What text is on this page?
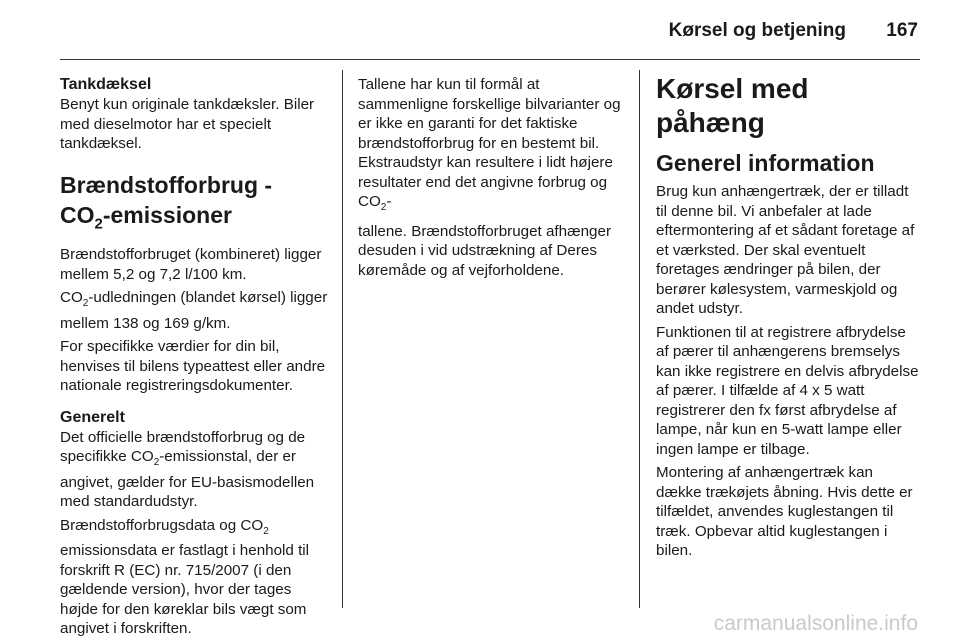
Kørsel og betjening 167
Tankdæksel

Benyt kun originale tankdæksler. Biler med dieselmotor har et specielt tankdæksel.

Brændstofforbrug -
$CO_2$-emissioner

Brændstofforbruget (kombineret) ligger mellem 5,2 og 7,2 l/100 km.

$CO_2$-udledningen (blandet kørsel) ligger mellem 138 og 169 g/km.

For specifikke værdier for din bil, henvises til bilens typeattest eller andre nationale registreringsdokumenter.

Generelt

Det officielle brændstofforbrug og de specifikke $CO_2$-emissionstal, der er angivet, gælder for EU-basismodellen med standardudstyr.

Brændstofforbrugsdata og $CO_2$ emissionsdata er fastlagt i henhold til forskrift R (EC) nr. 715/2007 (i den gældende version), hvor der tages højde for den køreklar bils vægt som angivet i forskriften.

Tallene har kun til formål at sammenligne forskellige bilvarianter og er ikke en garanti for det faktiske brændstofforbrug for en bestemt bil. Ekstraudstyr kan resultere i lidt højere resultater end det angivne forbrug og $CO_2-$

tallene. Brændstofforbruget afhænger desuden i vid udstrækning af Deres køremåde og af vejforholdene.

Kørsel med påhæng
Generel information

Brug kun anhængertræk, der er tilladt til denne bil. Vi anbefaler at lade eftermontering af et sådant foretage af et værksted. Der skal eventuelt foretages ændringer på bilen, der berører kølesystem, varmeskjold og andet udstyr.

Funktionen til at registrere afbrydelse af pærer til anhængerens bremselys kan ikke registrere en delvis afbrydelse af pærer. I tilfælde af 4 x 5 watt registrerer den fx først afbrydelse af lampe, når kun en 5-watt lampe eller ingen lampe er tilbage.

Montering af anhængertræk kan dække trækøjets åbning. Hvis dette er tilfældet, anvendes kuglestangen til træk. Opbevar altid kuglestangen i bilen.

carmanualsonline.info
